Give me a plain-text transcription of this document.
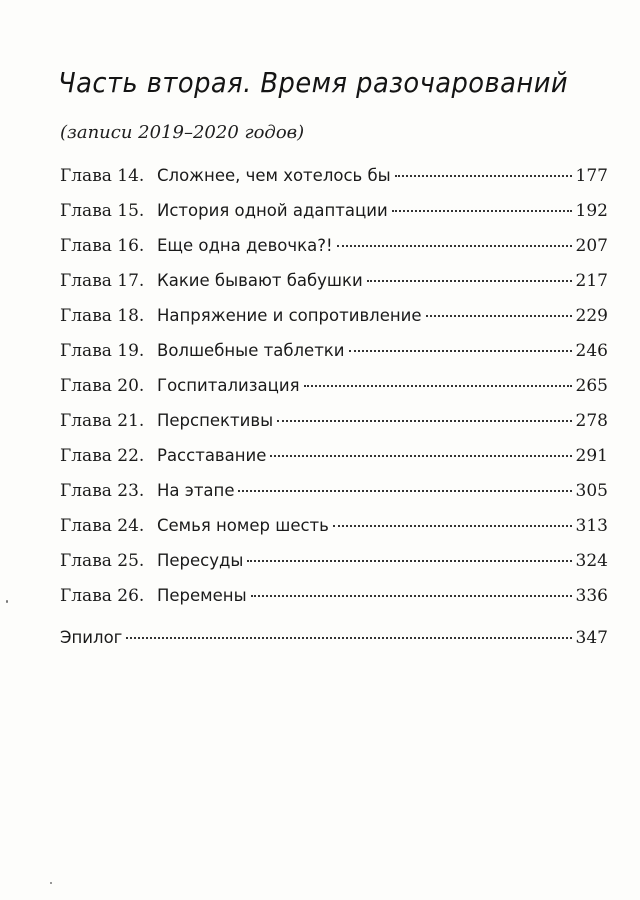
Часть вторая. Время разочарований
(записи 2019–2020 годов)
Глава 14. Сложнее, чем хотелось бы	177
Глава 15. История одной адаптации	192
Глава 16. Еще одна девочка?!	207
Глава 17. Какие бывают бабушки	217
Глава 18. Напряжение и сопротивление	229
Глава 19. Волшебные таблетки	246
Глава 20. Госпитализация	265
Глава 21. Перспективы	278
Глава 22. Расставание	291
Глава 23. На этапе	305
Глава 24. Семья номер шесть	313
Глава 25. Пересуды	324
Глава 26. Перемены	336
Эпилог	347
